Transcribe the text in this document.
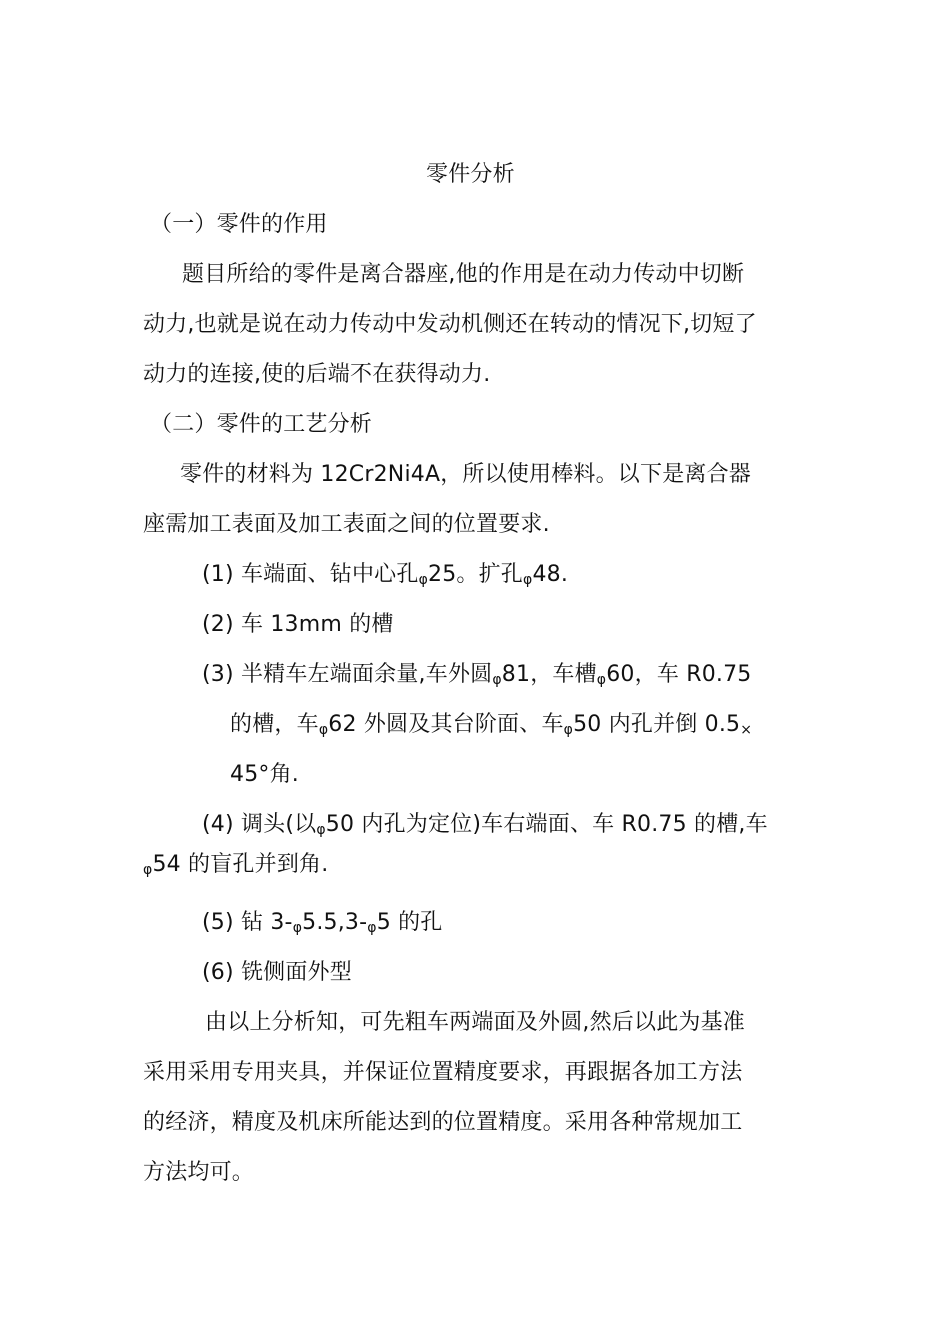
零件分析
（一）零件的作用
题目所给的零件是离合器座,他的作用是在动力传动中切断
动力,也就是说在动力传动中发动机侧还在转动的情况下,切短了
动力的连接,使的后端不在获得动力.
（二）零件的工艺分析
零件的材料为 12Cr2Ni4A，所以使用棒料。以下是离合器
座需加工表面及加工表面之间的位置要求.
(1) 车端面、钻中心孔$_\varphi$25。扩孔$_\varphi$48.
(2) 车 13mm 的槽
(3) 半精车左端面余量,车外圆$_\varphi$81，车槽$_\varphi$60，车 R0.75
的槽，车$_\varphi$62 外圆及其台阶面、车$_\varphi$50 内孔并倒 $0.5_\times$
45°角.
(4) 调头(以$_\varphi$50 内孔为定位)车右端面、车 R0.75 的槽,车
$_\varphi$54 的盲孔并到角.
(5) 钻 $3-_\varphi 5.5,3-_\varphi 5$ 的孔
(6) 铣侧面外型
由以上分析知，可先粗车两端面及外圆,然后以此为基准
采用采用专用夹具，并保证位置精度要求，再跟据各加工方法
的经济，精度及机床所能达到的位置精度。采用各种常规加工
方法均可。
